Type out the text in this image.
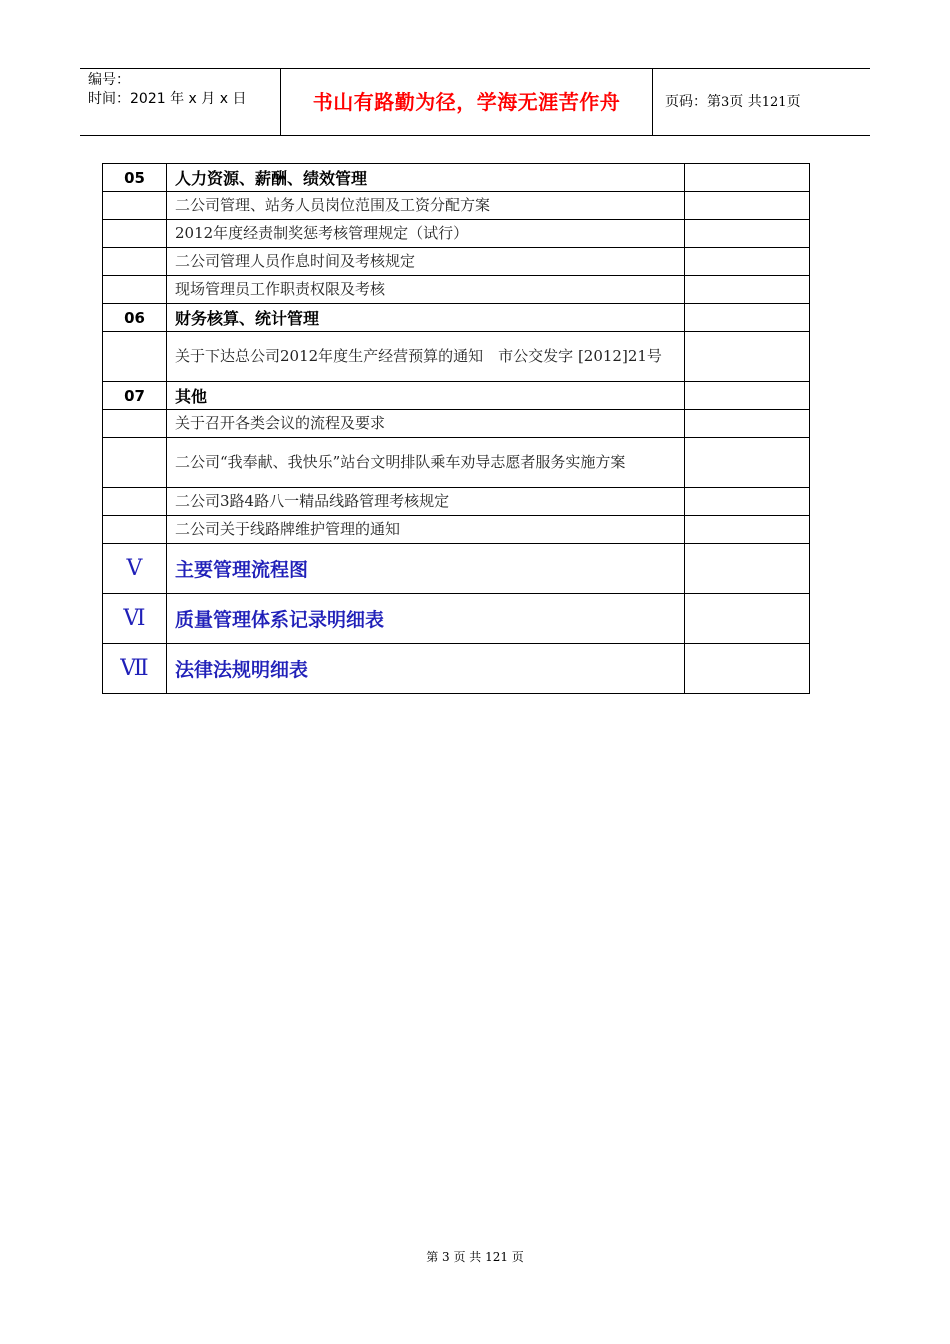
编号：
时间：2021 年 x 月 x 日	书山有路勤为径，学海无涯苦作舟	页码：第3页 共121页
05	人力资源、薪酬、绩效管理	
	二公司管理、站务人员岗位范围及工资分配方案	
	2012年度经责制奖惩考核管理规定（试行）	
	二公司管理人员作息时间及考核规定	
	现场管理员工作职责权限及考核	
06	财务核算、统计管理	
	关于下达总公司2012年度生产经营预算的通知　市公交发字 [2012]21号	
07	其他	
	关于召开各类会议的流程及要求	
	二公司“我奉献、我快乐”站台文明排队乘车劝导志愿者服务实施方案	
	二公司3路4路八一精品线路管理考核规定	
	二公司关于线路牌维护管理的通知	
Ⅴ	主要管理流程图	
Ⅵ	质量管理体系记录明细表	
Ⅶ	法律法规明细表	
第 3 页 共 121 页
